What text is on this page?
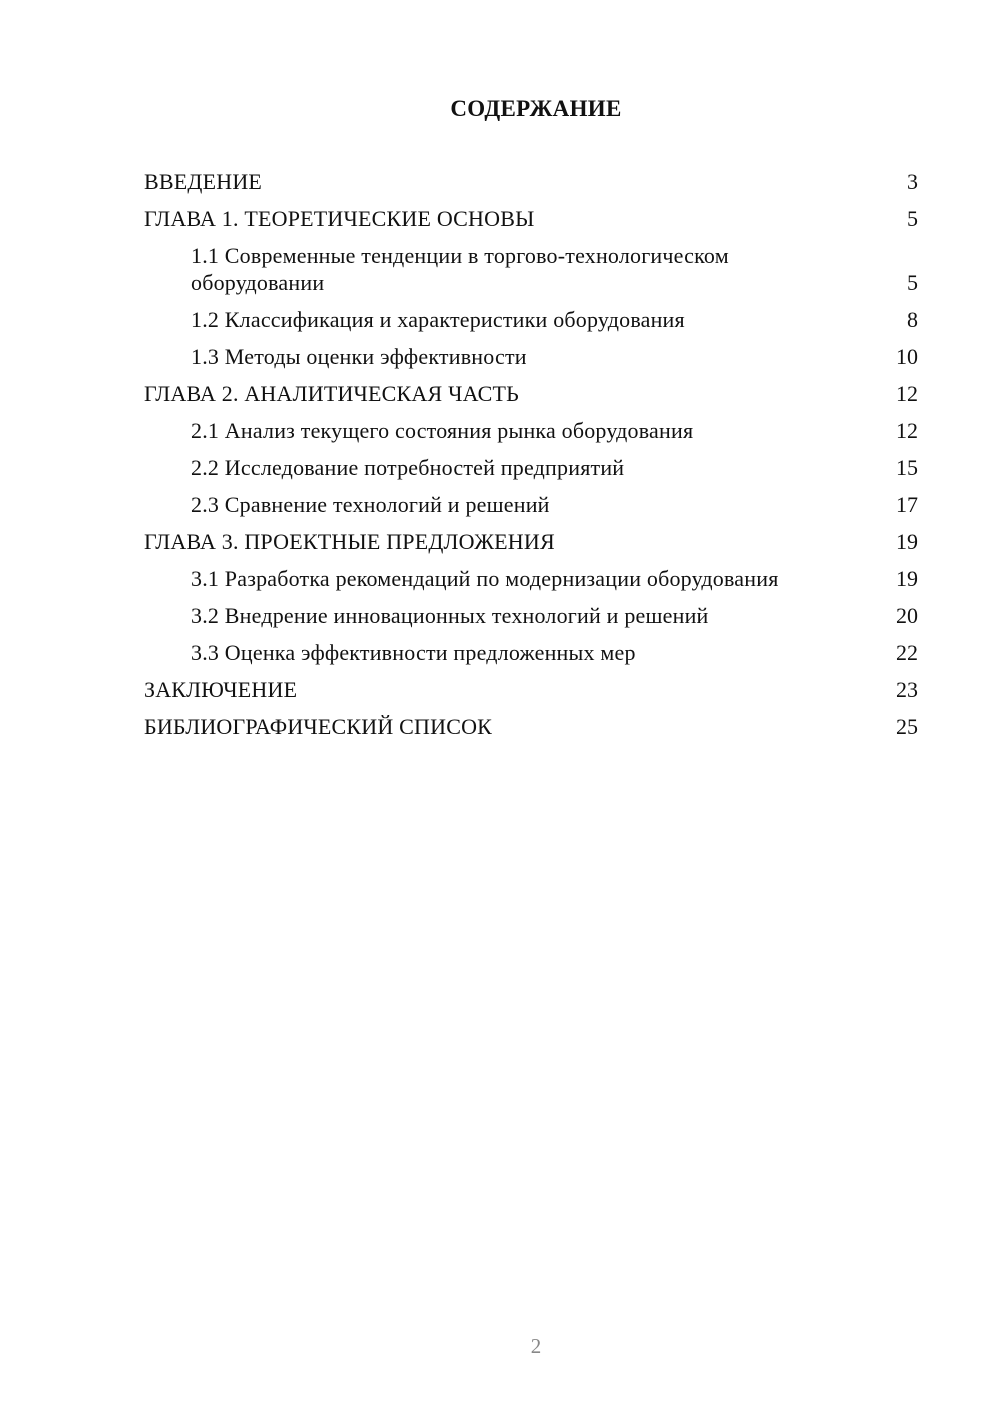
СОДЕРЖАНИЕ
ВВЕДЕНИЕ	3
ГЛАВА 1. ТЕОРЕТИЧЕСКИЕ ОСНОВЫ	5
1.1 Современные тенденции в торгово-технологическом оборудовании	5
1.2 Классификация и характеристики оборудования	8
1.3 Методы оценки эффективности	10
ГЛАВА 2. АНАЛИТИЧЕСКАЯ ЧАСТЬ	12
2.1 Анализ текущего состояния рынка оборудования	12
2.2 Исследование потребностей предприятий	15
2.3 Сравнение технологий и решений	17
ГЛАВА 3. ПРОЕКТНЫЕ ПРЕДЛОЖЕНИЯ	19
3.1 Разработка рекомендаций по модернизации оборудования	19
3.2 Внедрение инновационных технологий и решений	20
3.3 Оценка эффективности предложенных мер	22
ЗАКЛЮЧЕНИЕ	23
БИБЛИОГРАФИЧЕСКИЙ СПИСОК	25
2
